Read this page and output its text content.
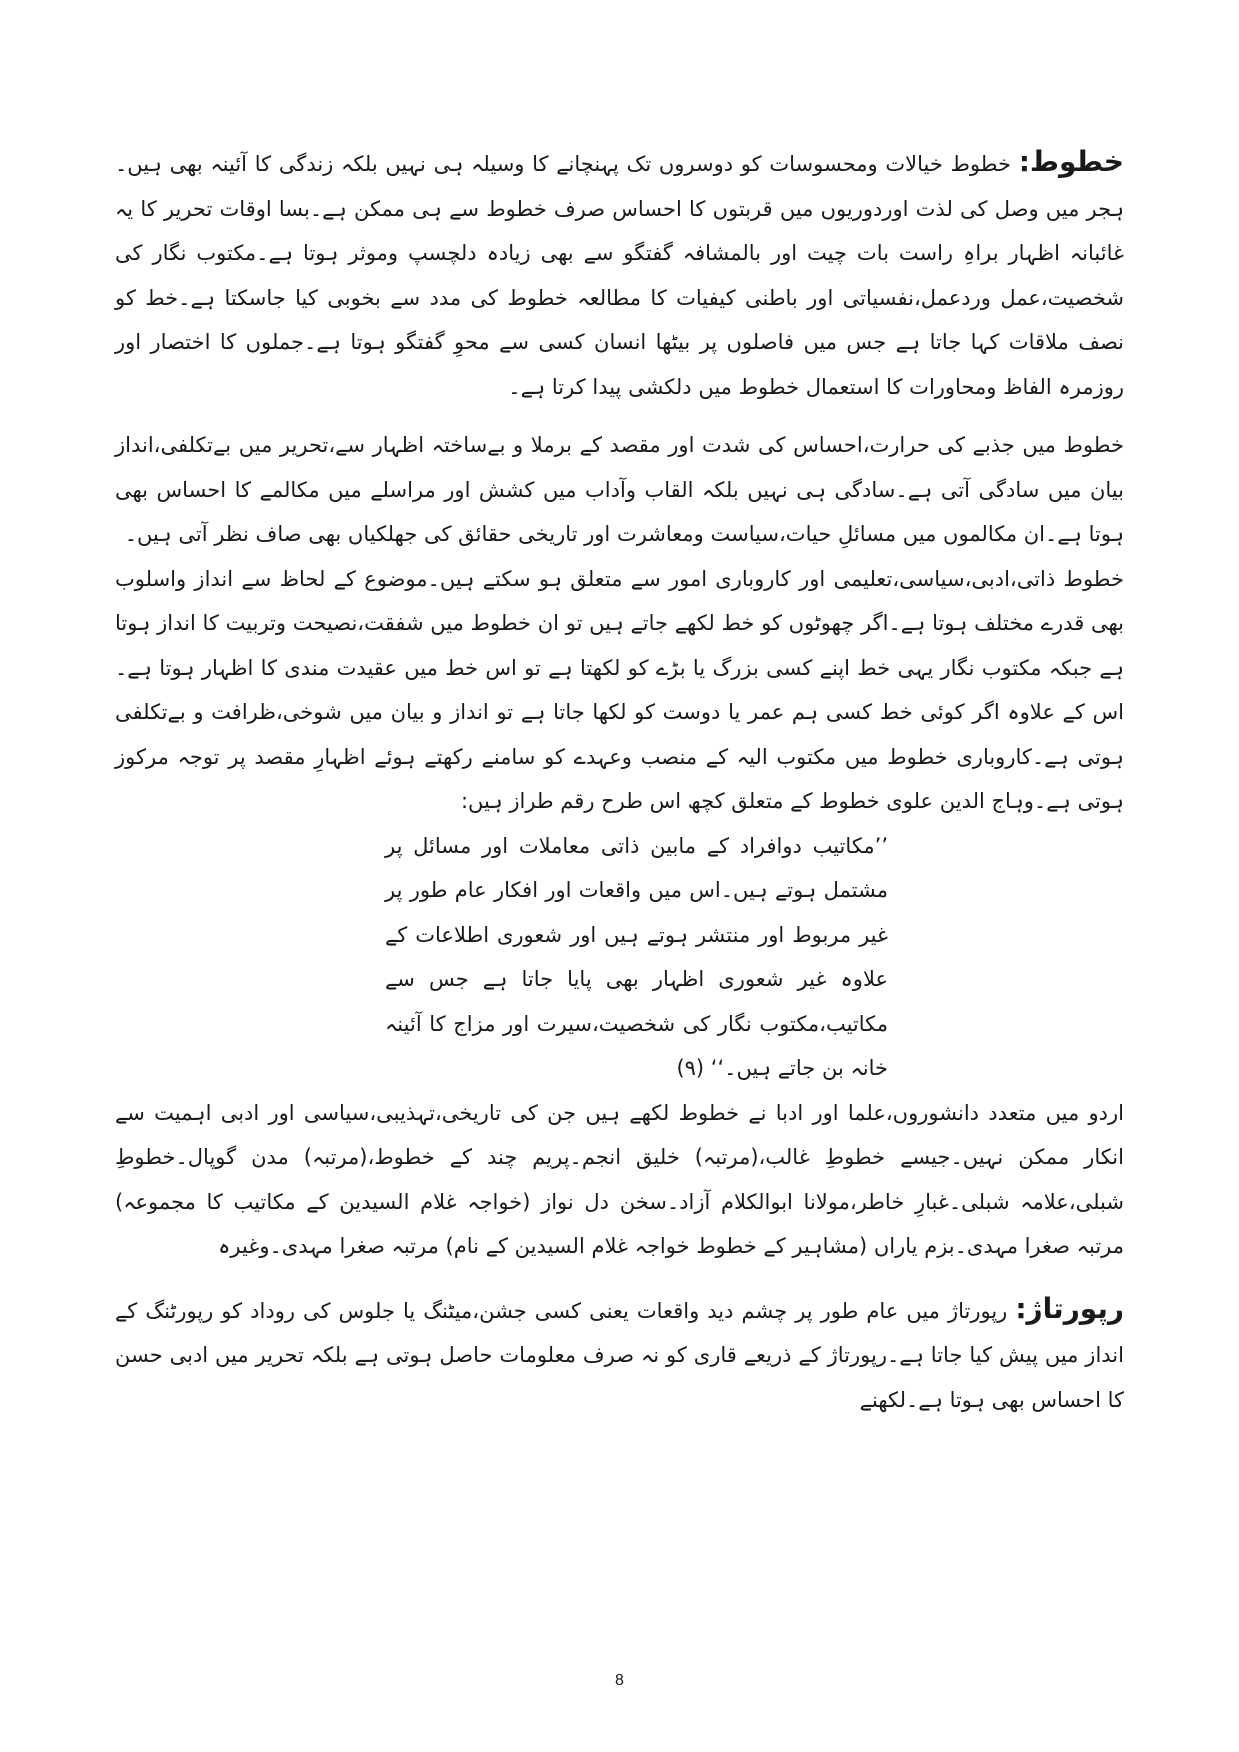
خطوط: خطوط خیالات ومحسوسات کو دوسروں تک پہنچانے کا وسیلہ ہی نہیں بلکہ زندگی کا آئینہ بھی ہیں۔ہجر میں وصل کی لذت اوردوریوں میں قربتوں کا احساس صرف خطوط سے ہی ممکن ہے۔بسا اوقات تحریر کا یہ غائبانہ اظہار براہِ راست بات چیت اور بالمشافہ گفتگو سے بھی زیادہ دلچسپ وموثر ہوتا ہے۔مکتوب نگار کی شخصیت،عمل وردعمل،نفسیاتی اور باطنی کیفیات کا مطالعہ خطوط کی مدد سے بخوبی کیا جاسکتا ہے۔خط کو نصف ملاقات کہا جاتا ہے جس میں فاصلوں پر بیٹھا انسان کسی سے محوِ گفتگو ہوتا ہے۔جملوں کا اختصار اور روزمرہ الفاظ ومحاورات کا استعمال خطوط میں دلکشی پیدا کرتا ہے۔

خطوط میں جذبے کی حرارت،احساس کی شدت اور مقصد کے برملا و بےساختہ اظہار سے،تحریر میں بےتکلفی،انداز بیان میں سادگی آتی ہے۔سادگی ہی نہیں بلکہ القاب وآداب میں کشش اور مراسلے میں مکالمے کا احساس بھی ہوتا ہے۔ان مکالموں میں مسائلِ حیات،سیاست ومعاشرت اور تاریخی حقائق کی جھلکیاں بھی صاف نظر آتی ہیں۔

خطوط ذاتی،ادبی،سیاسی،تعلیمی اور کاروباری امور سے متعلق ہو سکتے ہیں۔موضوع کے لحاظ سے انداز واسلوب بھی قدرے مختلف ہوتا ہے۔اگر چھوٹوں کو خط لکھے جاتے ہیں تو ان خطوط میں شفقت،نصیحت وتربیت کا انداز ہوتا ہے جبکہ مکتوب نگار یہی خط اپنے کسی بزرگ یا بڑے کو لکھتا ہے تو اس خط میں عقیدت مندی کا اظہار ہوتا ہے۔اس کے علاوہ اگر کوئی خط کسی ہم عمر یا دوست کو لکھا جاتا ہے تو انداز و بیان میں شوخی،ظرافت و بےتکلفی ہوتی ہے۔کاروباری خطوط میں مکتوب الیہ کے منصب وعہدے کو سامنے رکھتے ہوئے اظہارِ مقصد پر توجہ مرکوز ہوتی ہے۔وہاج الدین علوی خطوط کے متعلق کچھ اس طرح رقم طراز ہیں:

’’مکاتیب دوافراد کے مابین ذاتی معاملات اور مسائل پر مشتمل ہوتے ہیں۔اس میں واقعات اور افکار عام طور پر غیر مربوط اور منتشر ہوتے ہیں اور شعوری اطلاعات کے علاوہ غیر شعوری اظہار بھی پایا جاتا ہے جس سے مکاتیب،مکتوب نگار کی شخصیت،سیرت اور مزاج کا آئینہ خانہ بن جاتے ہیں۔‘‘ (۹)

اردو میں متعدد دانشوروں،علما اور ادبا نے خطوط لکھے ہیں جن کی تاریخی،تہذیبی،سیاسی اور ادبی اہمیت سے انکار ممکن نہیں۔جیسے خطوطِ غالب،(مرتبہ) خلیق انجم۔پریم چند کے خطوط،(مرتبہ) مدن گوپال۔خطوطِ شبلی،علامہ شبلی۔غبارِ خاطر،مولانا ابوالکلام آزاد۔سخن دل نواز (خواجہ غلام السیدین کے مکاتیب کا مجموعہ) مرتبہ صغرا مہدی۔بزم یاراں (مشاہیر کے خطوط خواجہ غلام السیدین کے نام) مرتبہ صغرا مہدی۔وغیرہ

رپورتاژ: رپورتاژ میں عام طور پر چشم دید واقعات یعنی کسی جشن،میٹنگ یا جلوس کی روداد کو رپورٹنگ کے انداز میں پیش کیا جاتا ہے۔رپورتاژ کے ذریعے قاری کو نہ صرف معلومات حاصل ہوتی ہے بلکہ تحریر میں ادبی حسن کا احساس بھی ہوتا ہے۔لکھنے

8
